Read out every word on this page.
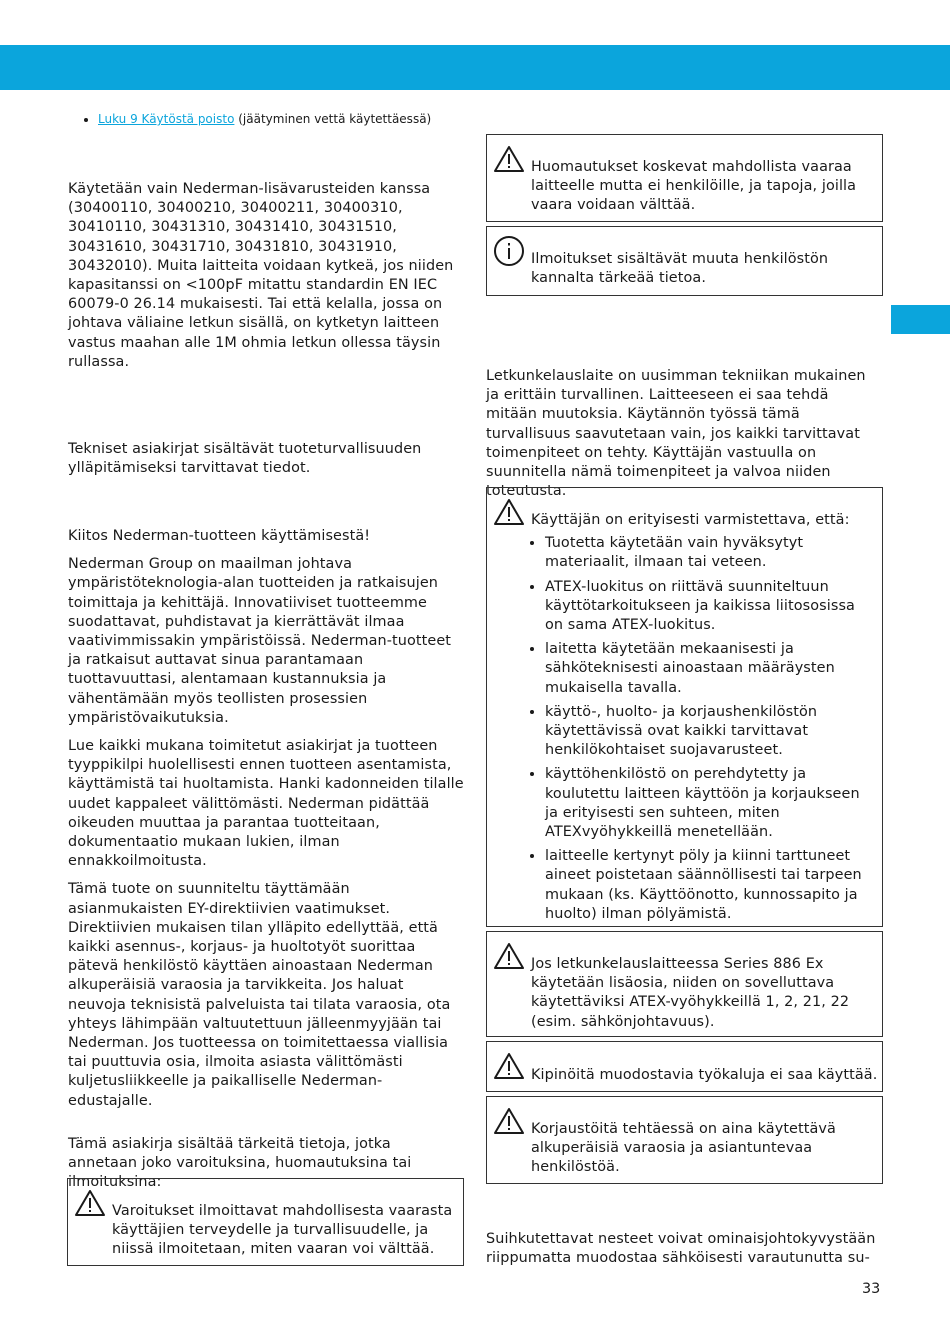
• Luku 9 Käytöstä poisto (jäätyminen vettä käytettäessä)

Käytetään vain Nederman-lisävarusteiden kanssa (30400110, 30400210, 30400211, 30400310, 30410110, 30431310, 30431410, 30431510, 30431610, 30431710, 30431810, 30431910, 30432010). Muita laitteita voidaan kytkeä, jos niiden kapasitanssi on <100pF mitattu standardin EN IEC 60079-0 26.14 mukaisesti. Tai että kelalla, jossa on johtava väliaine letkun sisällä, on kytketyn laitteen vastus maahan alle 1M ohmia letkun ollessa täysin rullassa.

Tekniset asiakirjat sisältävät tuoteturvallisuuden ylläpitämiseksi tarvittavat tiedot.

Kiitos Nederman-tuotteen käyttämisestä!

Nederman Group on maailman johtava ympäristöteknologia-alan tuotteiden ja ratkaisujen toimittaja ja kehittäjä. Innovatiiviset tuotteemme suodattavat, puhdistavat ja kierrättävät ilmaa vaativimmissakin ympäristöissä. Nederman-tuotteet ja ratkaisut auttavat sinua parantamaan tuottavuuttasi, alentamaan kustannuksia ja vähentämään myös teollisten prosessien ympäristövaikutuksia.

Lue kaikki mukana toimitetut asiakirjat ja tuotteen tyyppikilpi huolellisesti ennen tuotteen asentamista, käyttämistä tai huoltamista. Hanki kadonneiden tilalle uudet kappaleet välittömästi. Nederman pidättää oikeuden muuttaa ja parantaa tuotteitaan, dokumentaatio mukaan lukien, ilman ennakkoilmoitusta.

Tämä tuote on suunniteltu täyttämään asianmukaisten EY-direktiivien vaatimukset. Direktiivien mukaisen tilan ylläpito edellyttää, että kaikki asennus-, korjaus- ja huoltotyöt suorittaa pätevä henkilöstö käyttäen ainoastaan Nederman alkuperäisiä varaosia ja tarvikkeita. Jos haluat neuvoja teknisistä palveluista tai tilata varaosia, ota yhteys lähimpään valtuutettuun jälleenmyyjään tai Nederman. Jos tuotteessa on toimitettaessa viallisia tai puuttuvia osia, ilmoita asiasta välittömästi kuljetusliikkeelle ja paikalliselle Nederman-edustajalle.

Tämä asiakirja sisältää tärkeitä tietoja, jotka annetaan joko varoituksina, huomautuksina tai ilmoituksina:

Varoitukset ilmoittavat mahdollisesta vaarasta käyttäjien terveydelle ja turvallisuudelle, ja niissä ilmoitetaan, miten vaaran voi välttää.
Huomautukset koskevat mahdollista vaaraa laitteelle mutta ei henkilöille, ja tapoja, joilla vaara voidaan välttää.
Ilmoitukset sisältävät muuta henkilöstön kannalta tärkeää tietoa.

Letkunkelauslaite on uusimman tekniikan mukainen ja erittäin turvallinen. Laitteeseen ei saa tehdä mitään muutoksia. Käytännön työssä tämä turvallisuus saavutetaan vain, jos kaikki tarvittavat toimenpiteet on tehty. Käyttäjän vastuulla on suunnitella nämä toimenpiteet ja valvoa niiden toteutusta.

Käyttäjän on erityisesti varmistettava, että:
• Tuotetta käytetään vain hyväksytyt materiaalit, ilmaan tai veteen.
• ATEX-luokitus on riittävä suunniteltuun käyttötarkoitukseen ja kaikissa liitososissa on sama ATEX-luokitus.
• laitetta käytetään mekaanisesti ja sähköteknisesti ainoastaan määräysten mukaisella tavalla.
• käyttö-, huolto- ja korjaushenkilöstön käytettävissä ovat kaikki tarvittavat henkilökohtaiset suojavarusteet.
• käyttöhenkilöstö on perehdytetty ja koulutettu laitteen käyttöön ja korjaukseen ja erityisesti sen suhteen, miten ATEXvyöhykkeillä menetellään.
• laitteelle kertynyt pöly ja kiinni tarttuneet aineet poistetaan säännöllisesti tai tarpeen mukaan (ks. Käyttöönotto, kunnossapito ja huolto) ilman pölyämistä.
Jos letkunkelauslaitteessa Series 886 Ex käytetään lisäosia, niiden on sovelluttava käytettäviksi ATEX-vyöhykkeillä 1, 2, 21, 22 (esim. sähkönjohtavuus).
Kipinöitä muodostavia työkaluja ei saa käyttää.
Korjaustöitä tehtäessä on aina käytettävä alkuperäisiä varaosia ja asiantuntevaa henkilöstöä.

Suihkutettavat nesteet voivat ominaisjohtokyvystään riippumatta muodostaa sähköisesti varautunutta su-

33
